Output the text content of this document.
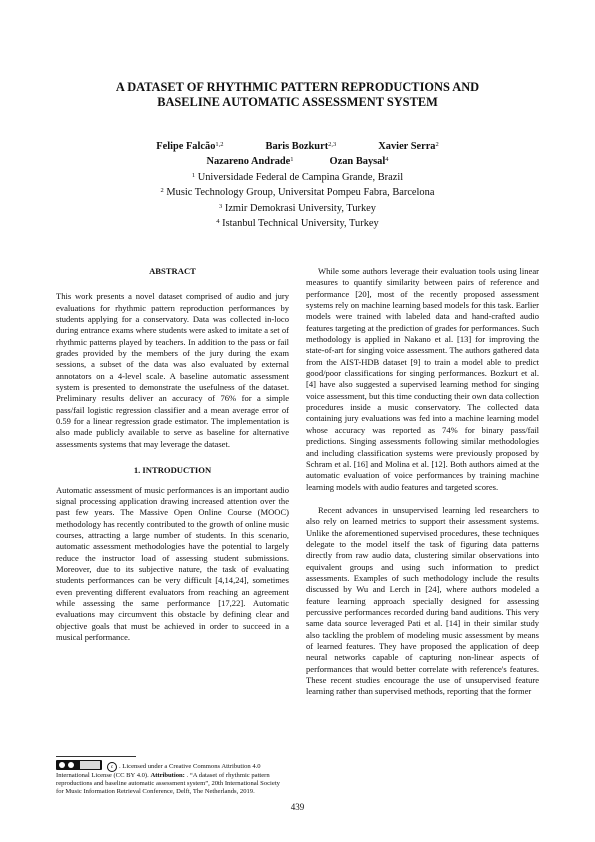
A DATASET OF RHYTHMIC PATTERN REPRODUCTIONS AND
BASELINE AUTOMATIC ASSESSMENT SYSTEM
Felipe Falcão$^{1,2}$	Baris Bozkurt$^{2,3}$	Xavier Serra$^2$
Nazareno Andrade$^1$	Ozan Baysal$^4$
$^1$ Universidade Federal de Campina Grande, Brazil
$^2$ Music Technology Group, Universitat Pompeu Fabra, Barcelona
$^3$ Izmir Demokrasi University, Turkey
$^4$ Istanbul Technical University, Turkey
ABSTRACT

This work presents a novel dataset comprised of audio and jury evaluations for rhythmic pattern reproduction performances by students applying for a conservatory. Data was collected in-loco during entrance exams where students were asked to imitate a set of rhythmic patterns played by teachers. In addition to the pass or fail grades provided by the members of the jury during the exam sessions, a subset of the data was also evaluated by external annotators on a 4-level scale. A baseline automatic assessment system is presented to demonstrate the usefulness of the dataset. Preliminary results deliver an accuracy of 76% for a simple pass/fail logistic regression classifier and a mean average error of 0.59 for a linear regression grade estimator. The implementation is also made publicly available to serve as baseline for alternative assessments systems that may leverage the dataset.

1. INTRODUCTION

Automatic assessment of music performances is an important audio signal processing application drawing increased attention over the past few years. The Massive Open Online Course (MOOC) methodology has recently contributed to the growth of online music courses, attracting a large number of students. In this scenario, automatic assessment methodologies have the potential to largely reduce the instructor load of assessing student submissions. Moreover, due to its subjective nature, the task of evaluating students performances can be very difficult [4,14,24], sometimes even preventing different evaluators from reaching an agreement while assessing the same performance [17,22]. Automatic evaluations may circumvent this obstacle by defining clear and objective goals that must be achieved in order to succeed in a musical performance.

While some authors leverage their evaluation tools using linear measures to quantify similarity between pairs of reference and performance [20], most of the recently proposed assessment systems rely on machine learning based models for this task. Earlier models were trained with labeled data and hand-crafted audio features targeting at the prediction of grades for performances. Such methodology is applied in Nakano et al. [13] for improving the state-of-art for singing voice assessment. The authors gathered data from the AIST-HDB dataset [9] to train a model able to predict good/poor classifications for singing performances. Bozkurt et al. [4] have also suggested a supervised learning method for singing voice assessment, but this time conducting their own data collection procedures inside a music conservatory. The collected data containing jury evaluations was fed into a machine learning model whose accuracy was reported as 74% for binary pass/fail predictions. Singing assessments following similar methodologies and including classification systems were previously proposed by Schram et al. [16] and Molina et al. [12]. Both authors aimed at the automatic evaluation of voice performances by training machine learning models with audio features and targeted scores.

Recent advances in unsupervised learning led researchers to also rely on learned metrics to support their assessment systems. Unlike the aforementioned supervised procedures, these techniques delegate to the model itself the task of figuring data patterns directly from raw audio data, clustering similar observations into equivalent groups and using such information to predict assessments. Examples of such methodology include the results discussed by Wu and Lerch in [24], where authors modeled a feature learning approach specially designed for assessing percussive performances recorded during band auditions. This very same data source leveraged Pati et al. [14] in their similar study also tackling the problem of modeling music assessment by means of learned features. They have proposed the application of deep neural networks capable of capturing non-linear aspects of performances that would better correlate with reference's features. These recent studies encourage the use of unsupervised feature learning rather than supervised methods, reporting that the former

c . Licensed under a Creative Commons Attribution 4.0 International License (CC BY 4.0). Attribution: . “A dataset of rhythmic pattern reproductions and baseline automatic assessment system”, 20th International Society for Music Information Retrieval Conference, Delft, The Netherlands, 2019.
439
